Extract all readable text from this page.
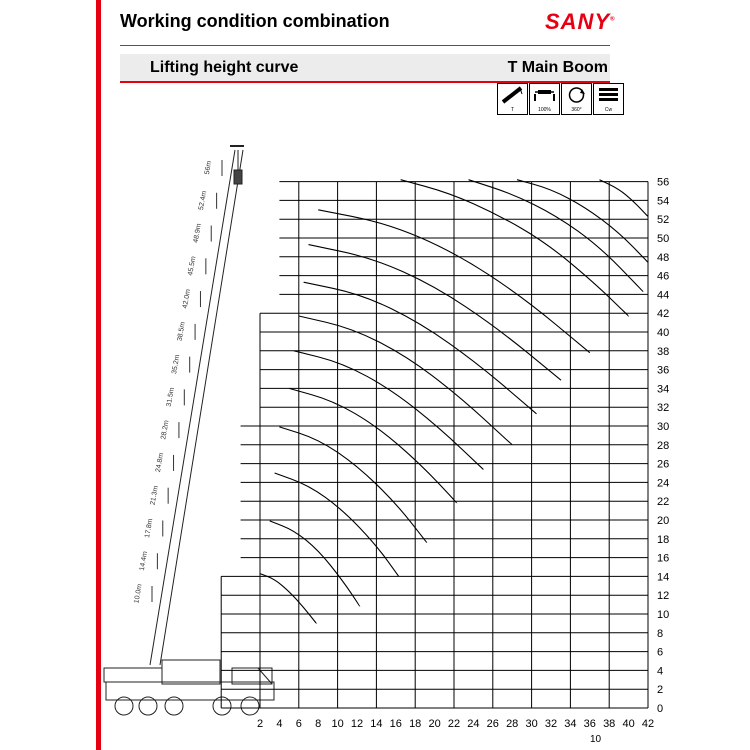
Working condition combination	SANY®
Lifting height curve	T Main Boom
T	100%	360°	Cw
10.0m
14.4m
17.8m
21.3m
24.8m
28.2m
31.5m
35.2m
38.5m
42.0m
45.5m
48.9m
52.4m
56m
0
2
4
6
8
10
12
14
16
18
20
22
24
26
28
30
32
34
36
38
40
42
44
46
48
50
52
54
56
2 4 6 8 10 12 14 16 18 20 22 24 26 28 30 32 34 36 38 40 42
10
